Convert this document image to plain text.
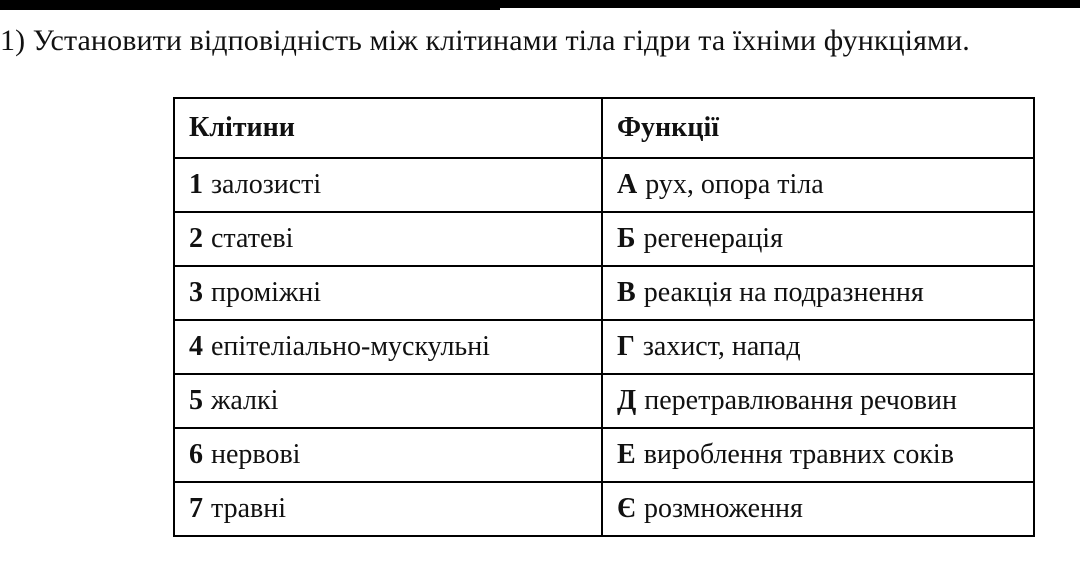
1) Установити відповідність між клітинами тіла гідри та їхніми функціями.
Клітини	Функції
1 залозисті	А рух, опора тіла
2 статеві	Б регенерація
3 проміжні	В реакція на подразнення
4 епітеліально-мускульні	Г захист, напад
5 жалкі	Д перетравлювання речовин
6 нервові	Е вироблення травних соків
7 травні	Є розмноження
